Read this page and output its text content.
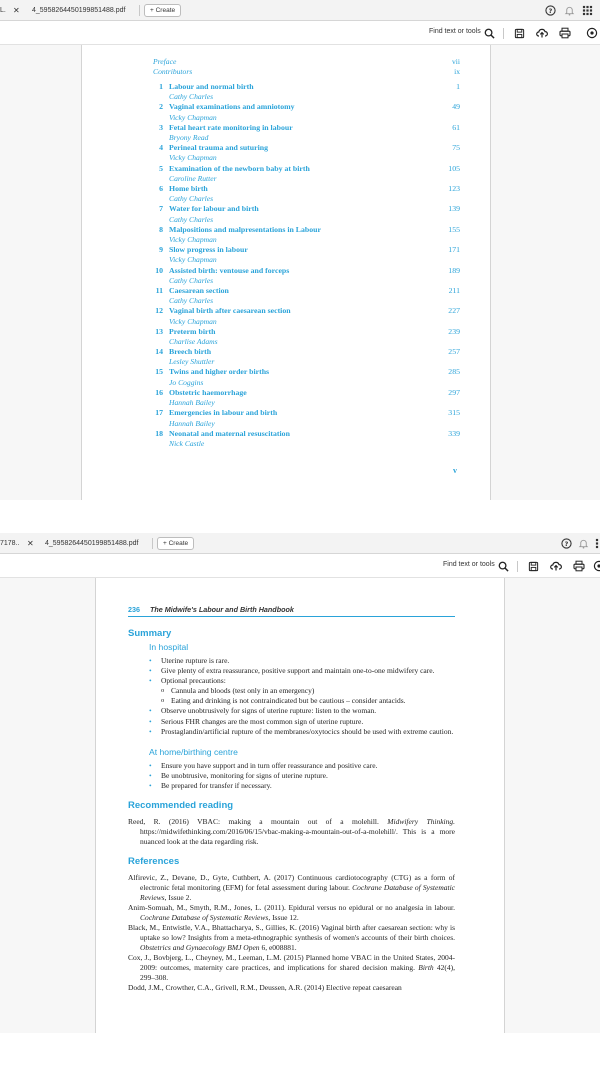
L. ✕ 4_5958264450199851488.pdf	+ Create	?
Find text or tools
Preface	vii
Contributors	ix
1 Labour and normal birth	1
Cathy Charles
2 Vaginal examinations and amniotomy	49
Vicky Chapman
3 Fetal heart rate monitoring in labour	61
Bryony Read
4 Perineal trauma and suturing	75
Vicky Chapman
5 Examination of the newborn baby at birth	105
Caroline Rutter
6 Home birth	123
Cathy Charles
7 Water for labour and birth	139
Cathy Charles
8 Malpositions and malpresentations in Labour	155
Vicky Chapman
9 Slow progress in labour	171
Vicky Chapman
10 Assisted birth: ventouse and forceps	189
Cathy Charles
11 Caesarean section	211
Cathy Charles
12 Vaginal birth after caesarean section	227
Vicky Chapman
13 Preterm birth	239
Charlise Adams
14 Breech birth	257
Lesley Shuttler
15 Twins and higher order births	285
Jo Coggins
16 Obstetric haemorrhage	297
Hannah Bailey
17 Emergencies in labour and birth	315
Hannah Bailey
18 Neonatal and maternal resuscitation	339
Nick Castle
v
7178.. ✕ 4_5958264450199851488.pdf	+ Create	?
Find text or tools
236 The Midwife's Labour and Birth Handbook
Summary
In hospital
• Uterine rupture is rare.
• Give plenty of extra reassurance, positive support and maintain one-to-one midwifery care.
• Optional precautions:
o Cannula and bloods (test only in an emergency)
o Eating and drinking is not contraindicated but be cautious – consider antacids.
• Observe unobtrusively for signs of uterine rupture: listen to the woman.
• Serious FHR changes are the most common sign of uterine rupture.
• Prostaglandin/artificial rupture of the membranes/oxytocics should be used with extreme caution.
At home/birthing centre
• Ensure you have support and in turn offer reassurance and positive care.
• Be unobtrusive, monitoring for signs of uterine rupture.
• Be prepared for transfer if necessary.
Recommended reading
Reed, R. (2016) VBAC: making a mountain out of a molehill. Midwifery Thinking. https://midwifethinking.com/2016/06/15/vbac-making-a-mountain-out-of-a-molehill/. This is a more nuanced look at the data regarding risk.
References
Alfirevic, Z., Devane, D., Gyte, Cuthbert, A. (2017) Continuous cardiotocography (CTG) as a form of electronic fetal monitoring (EFM) for fetal assessment during labour. Cochrane Database of Systematic Reviews, Issue 2.
Anim-Somuah, M., Smyth, R.M., Jones, L. (2011). Epidural versus no epidural or no analgesia in labour. Cochrane Database of Systematic Reviews, Issue 12.
Black, M., Entwistle, V.A., Bhattacharya, S., Gillies, K. (2016) Vaginal birth after caesarean section: why is uptake so low? Insights from a meta-ethnographic synthesis of women's accounts of their birth choices. Obstetrics and Gynaecology BMJ Open 6, e008881.
Cox, J., Bovbjerg, L., Cheyney, M., Leeman, L.M. (2015) Planned home VBAC in the United States, 2004-2009: outcomes, maternity care practices, and implications for shared decision making. Birth 42(4), 299–308.
Dodd, J.M., Crowther, C.A., Grivell, R.M., Deussen, A.R. (2014) Elective repeat caesarean
